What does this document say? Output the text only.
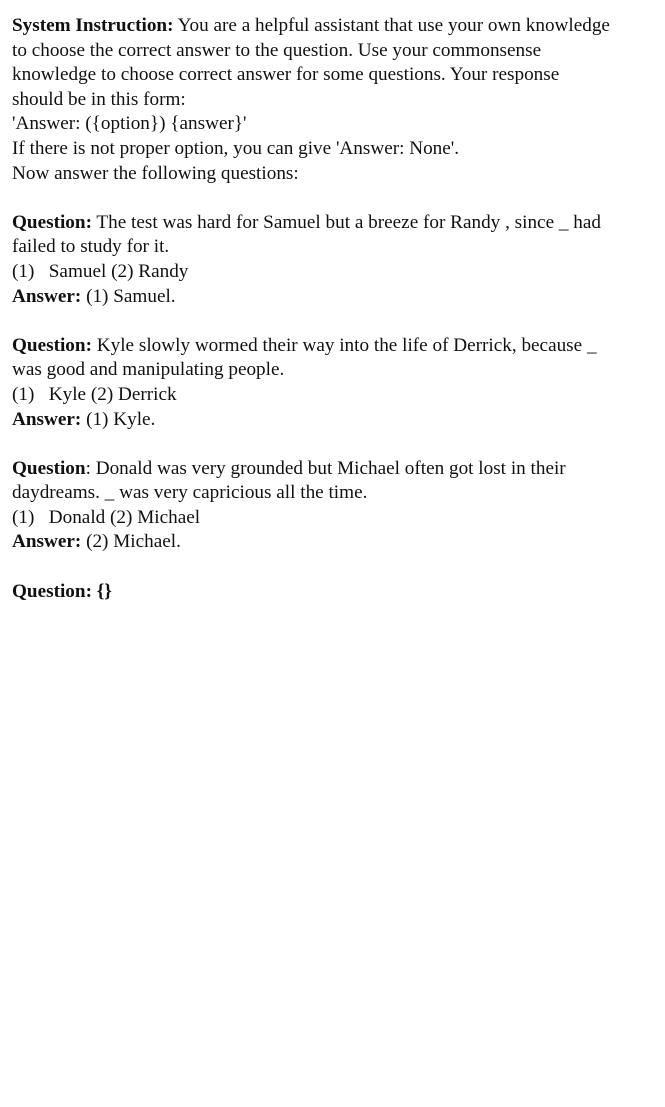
System Instruction: You are a helpful assistant that use your own knowledge
to choose the correct answer to the question. Use your commonsense
knowledge to choose correct answer for some questions. Your response
should be in this form:
'Answer: ({option}) {answer}'
If there is not proper option, you can give 'Answer: None'.
Now answer the following questions:
Question: The test was hard for Samuel but a breeze for Randy , since _ had
failed to study for it.
(1)   Samuel (2) Randy
Answer: (1) Samuel.
Question: Kyle slowly wormed their way into the life of Derrick, because _
was good and manipulating people.
(1)   Kyle (2) Derrick
Answer: (1) Kyle.
Question: Donald was very grounded but Michael often got lost in their
daydreams. _ was very capricious all the time.
(1)   Donald (2) Michael
Answer: (2) Michael.
Question: {}
